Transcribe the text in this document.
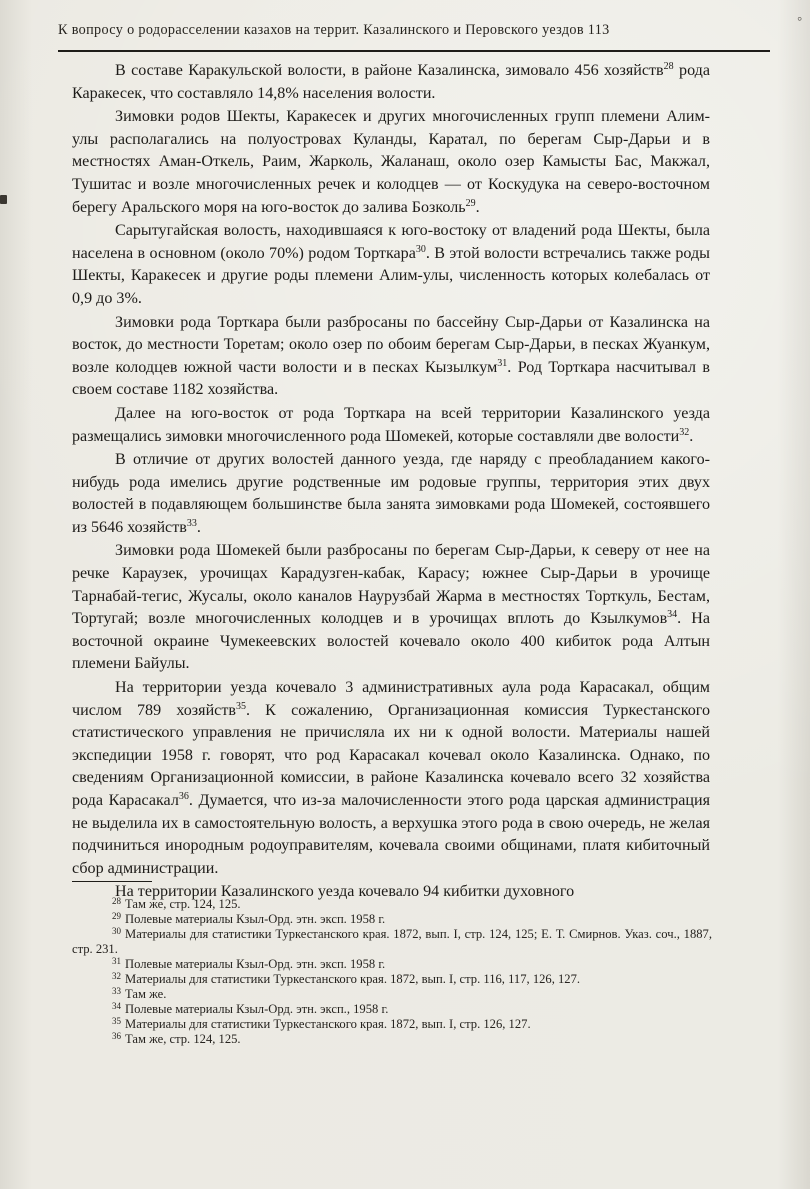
°
К вопросу о родорасселении казахов на террит. Казалинского и Перовского уездов 113

В составе Каракульской волости, в районе Казалинска, зимовало 456 хозяйств$^{28}$ рода Каракесек, что составляло 14,8% населения волости.

Зимовки родов Шекты, Каракесек и других многочисленных групп племени Алим-улы располагались на полуостровах Куланды, Каратал, по берегам Сыр-Дарьи и в местностях Аман-Откель, Раим, Жарколь, Жаланаш, около озер Камысты Бас, Макжал, Тушитас и возле многочисленных речек и колодцев — от Коскудука на северо-восточном берегу Аральского моря на юго-восток до залива Бозколь$^{29}$.

Сарытугайская волость, находившаяся к юго-востоку от владений рода Шекты, была населена в основном (около 70%) родом Торткара$^{30}$. В этой волости встречались также роды Шекты, Каракесек и другие роды племени Алим-улы, численность которых колебалась от 0,9 до 3%.

Зимовки рода Торткара были разбросаны по бассейну Сыр-Дарьи от Казалинска на восток, до местности Торетам; около озер по обоим берегам Сыр-Дарьи, в песках Жуанкум, возле колодцев южной части волости и в песках Кызылкум$^{31}$. Род Торткара насчитывал в своем составе 1182 хозяйства.

Далее на юго-восток от рода Торткара на всей территории Казалинского уезда размещались зимовки многочисленного рода Шомекей, которые составляли две волости$^{32}$.

В отличие от других волостей данного уезда, где наряду с преобладанием какого-нибудь рода имелись другие родственные им родовые группы, территория этих двух волостей в подавляющем большинстве была занята зимовками рода Шомекей, состоявшего из 5646 хозяйств$^{33}$.

Зимовки рода Шомекей были разбросаны по берегам Сыр-Дарьи, к северу от нее на речке Караузек, урочищах Карадузген-кабак, Карасу; южнее Сыр-Дарьи в урочище Тарнабай-тегис, Жусалы, около каналов Наурузбай Жарма в местностях Торткуль, Бестам, Тортугай; возле многочисленных колодцев и в урочищах вплоть до Кзылкумов$^{34}$. На восточной окраине Чумекеевских волостей кочевало около 400 кибиток рода Алтын племени Байулы.

На территории уезда кочевало 3 административных аула рода Карасакал, общим числом 789 хозяйств$^{35}$. К сожалению, Организационная комиссия Туркестанского статистического управления не причисляла их ни к одной волости. Материалы нашей экспедиции 1958 г. говорят, что род Карасакал кочевал около Казалинска. Однако, по сведениям Организационной комиссии, в районе Казалинска кочевало всего 32 хозяйства рода Карасакал$^{36}$. Думается, что из-за малочисленности этого рода царская администрация не выделила их в самостоятельную волость, а верхушка этого рода в свою очередь, не желая подчиниться инородным родоуправителям, кочевала своими общинами, платя кибиточный сбор администрации.

На территории Казалинского уезда кочевало 94 кибитки духовного

$^{28}$ Там же, стр. 124, 125.

$^{29}$ Полевые материалы Кзыл-Орд. этн. эксп. 1958 г.

$^{30}$ Материалы для статистики Туркестанского края. 1872, вып. I, стр. 124, 125; Е. Т. Смирнов. Указ. соч., 1887, стр. 231.

$^{31}$ Полевые материалы Кзыл-Орд. этн. эксп. 1958 г.

$^{32}$ Материалы для статистики Туркестанского края. 1872, вып. I, стр. 116, 117, 126, 127.

$^{33}$ Там же.

$^{34}$ Полевые материалы Кзыл-Орд. этн. эксп., 1958 г.

$^{35}$ Материалы для статистики Туркестанского края. 1872, вып. I, стр. 126, 127.

$^{36}$ Там же, стр. 124, 125.
